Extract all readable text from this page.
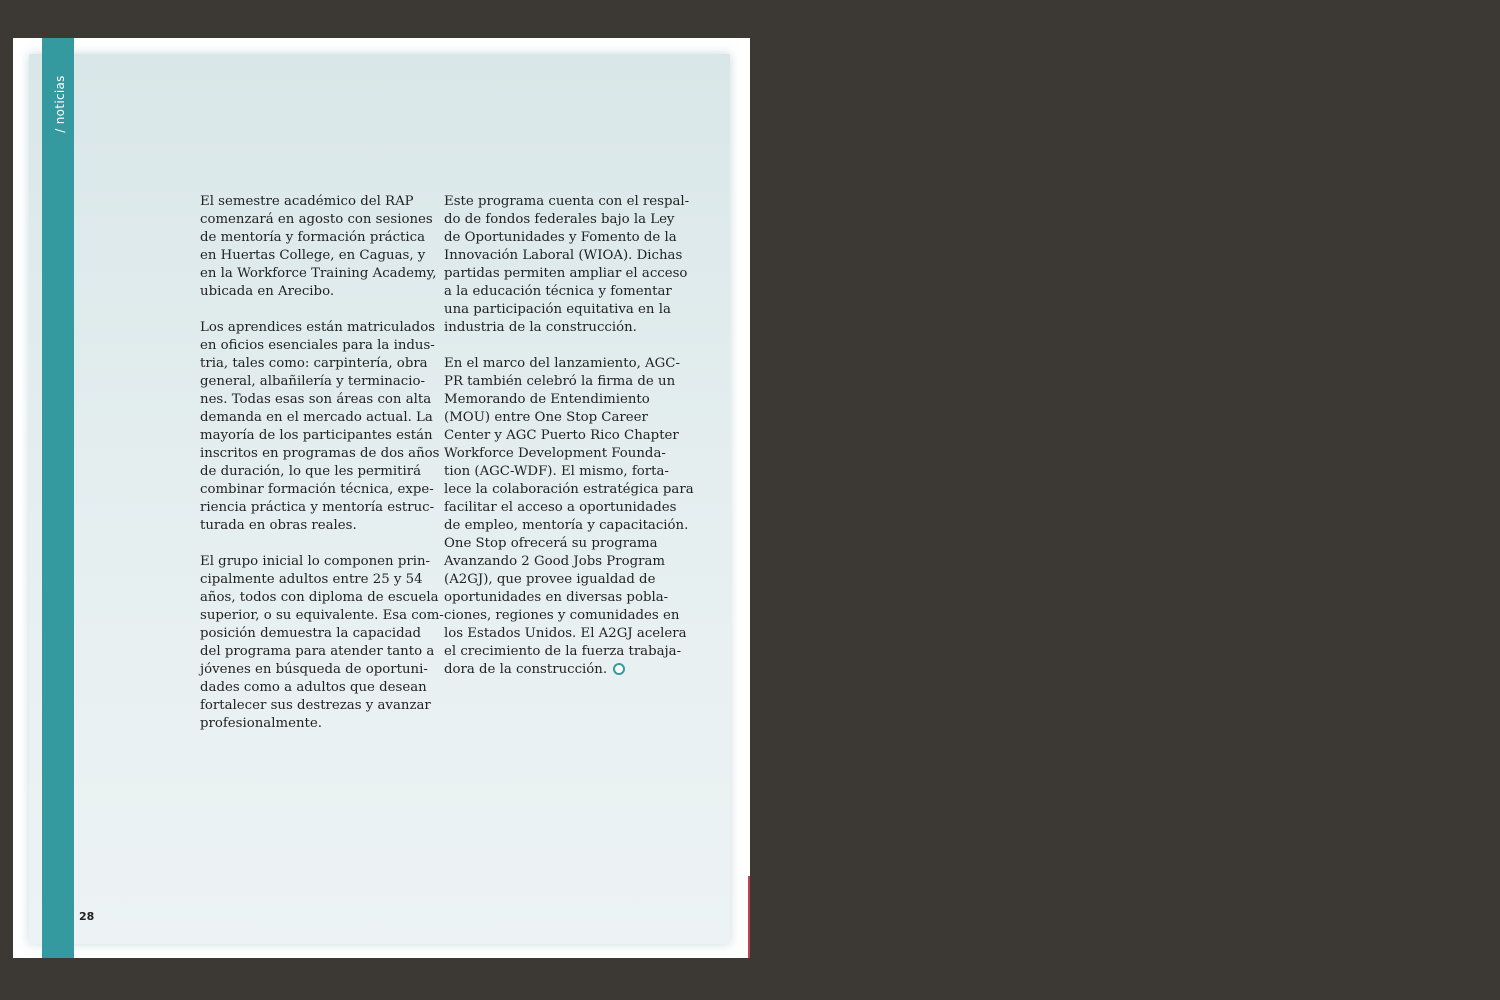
/ noticias
28

El semestre académico del RAP
comenzará en agosto con sesiones
de mentoría y formación práctica
en Huertas College, en Caguas, y
en la Workforce Training Academy,
ubicada en Arecibo.

Los aprendices están matriculados
en oficios esenciales para la indus-
tria, tales como: carpintería, obra
general, albañilería y terminacio-
nes. Todas esas son áreas con alta
demanda en el mercado actual. La
mayoría de los participantes están
inscritos en programas de dos años
de duración, lo que les permitirá
combinar formación técnica, expe-
riencia práctica y mentoría estruc-
turada en obras reales.

El grupo inicial lo componen prin-
cipalmente adultos entre 25 y 54
años, todos con diploma de escuela
superior, o su equivalente. Esa com-
posición demuestra la capacidad
del programa para atender tanto a
jóvenes en búsqueda de oportuni-
dades como a adultos que desean
fortalecer sus destrezas y avanzar
profesionalmente.

Este programa cuenta con el respal-
do de fondos federales bajo la Ley
de Oportunidades y Fomento de la
Innovación Laboral (WIOA). Dichas
partidas permiten ampliar el acceso
a la educación técnica y fomentar
una participación equitativa en la
industria de la construcción.

En el marco del lanzamiento, AGC-
PR también celebró la firma de un
Memorando de Entendimiento
(MOU) entre One Stop Career
Center y AGC Puerto Rico Chapter
Workforce Development Founda-
tion (AGC-WDF). El mismo, forta-
lece la colaboración estratégica para
facilitar el acceso a oportunidades
de empleo, mentoría y capacitación.
One Stop ofrecerá su programa
Avanzando 2 Good Jobs Program
(A2GJ), que provee igualdad de
oportunidades en diversas pobla-
ciones, regiones y comunidades en
los Estados Unidos. El A2GJ acelera
el crecimiento de la fuerza trabaja-
dora de la construcción.
